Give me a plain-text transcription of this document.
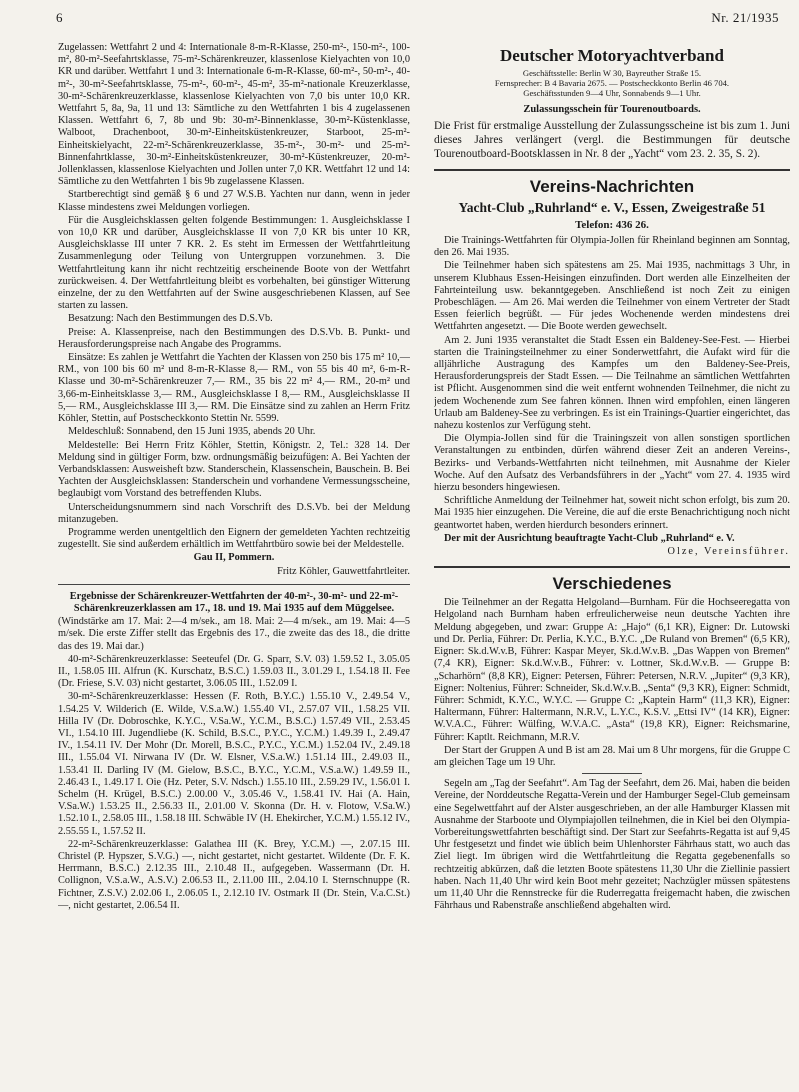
6	Nr. 21/1935

Zugelassen: Wettfahrt 2 und 4: Internationale 8-m-R-Klasse, 250-m²-, 150-m²-, 100-m², 80-m²-Seefahrtsklasse, 75-m²-Schärenkreuzer, klassenlose Kielyachten von 10,0 KR und darüber. Wettfahrt 1 und 3: Internationale 6-m-R-Klasse, 60-m²-, 50-m²-, 40-m²-, 30-m²-Seefahrtsklasse, 75-m²-, 60-m²-, 45-m², 35-m²-nationale Kreuzerklasse, 30-m²-Schärenkreuzerklasse, klassenlose Kielyachten von 7,0 bis unter 10,0 KR. Wettfahrt 5, 8a, 9a, 11 und 13: Sämtliche zu den Wettfahrten 1 bis 4 zugelassenen Klassen. Wettfahrt 6, 7, 8b und 9b: 30-m²-Binnenklasse, 30-m²-Küstenklasse, Walboot, Drachenboot, 30-m²-Einheitsküstenkreuzer, Starboot, 25-m²-Einheitskielyacht, 22-m²-Schärenkreuzerklasse, 35-m²-, 30-m²- und 25-m²-Binnenfahrtklasse, 30-m²-Einheitsküstenkreuzer, 30-m²-Küstenkreuzer, 20-m²-Jollenklassen, klassenlose Kielyachten und Jollen unter 7,0 KR. Wettfahrt 12 und 14: Sämtliche zu den Wettfahrten 1 bis 9b zugelassene Klassen.

Startberechtigt sind gemäß § 6 und 27 W.S.B. Yachten nur dann, wenn in jeder Klasse mindestens zwei Meldungen vorliegen.

Für die Ausgleichsklassen gelten folgende Bestimmungen: 1. Ausgleichsklasse I von 10,0 KR und darüber, Ausgleichsklasse II von 7,0 KR bis unter 10 KR, Ausgleichsklasse III unter 7 KR. 2. Es steht im Ermessen der Wettfahrtleitung Zusammenlegung oder Teilung von Untergruppen vorzunehmen. 3. Die Wettfahrtleitung kann ihr nicht rechtzeitig erscheinende Boote von der Wettfahrt zurückweisen. 4. Der Wettfahrtleitung bleibt es vorbehalten, bei günstiger Witterung einzelne, der zu den Wettfahrten auf der Swine ausgeschriebenen Klassen, auf See starten zu lassen.

Besatzung: Nach den Bestimmungen des D.S.Vb.

Preise: A. Klassenpreise, nach den Bestimmungen des D.S.Vb. B. Punkt- und Herausforderungspreise nach Angabe des Programms.

Einsätze: Es zahlen je Wettfahrt die Yachten der Klassen von 250 bis 175 m² 10,— RM., von 100 bis 60 m² und 8-m-R-Klasse 8,— RM., von 55 bis 40 m², 6-m-R-Klasse und 30-m²-Schärenkreuzer 7,— RM., 35 bis 22 m² 4,— RM., 20-m² und 3,66-m-Einheitsklasse 3,— RM., Ausgleichsklasse I 8,— RM., Ausgleichsklasse II 5,— RM., Ausgleichsklasse III 3,— RM. Die Einsätze sind zu zahlen an Herrn Fritz Köhler, Stettin, auf Postscheckkonto Stettin Nr. 5599.

Meldeschluß: Sonnabend, den 15 Juni 1935, abends 20 Uhr.

Meldestelle: Bei Herrn Fritz Köhler, Stettin, Königstr. 2, Tel.: 328 14. Der Meldung sind in gültiger Form, bzw. ordnungsmäßig beizufügen: A. Bei Yachten der Verbandsklassen: Ausweisheft bzw. Standerschein, Klassenschein, Bauschein. B. Bei Yachten der Ausgleichsklassen: Standerschein und vorhandene Vermessungsscheine, beglaubigt vom Vorstand des betreffenden Klubs.

Unterscheidungsnummern sind nach Vorschrift des D.S.Vb. bei der Meldung mitanzugeben.

Programme werden unentgeltlich den Eignern der gemeldeten Yachten rechtzeitig zugestellt. Sie sind außerdem erhältlich im Wettfahrtbüro sowie bei der Meldestelle.

Gau II, Pommern.

Fritz Köhler, Gauwettfahrtleiter.

Ergebnisse der Schärenkreuzer-Wettfahrten der 40-m²-, 30-m²- und 22-m²-Schärenkreuzerklassen am 17., 18. und 19. Mai 1935 auf dem Müggelsee.

(Windstärke am 17. Mai: 2—4 m/sek., am 18. Mai: 2—4 m/sek., am 19. Mai: 4—5 m/sek. Die erste Ziffer stellt das Ergebnis des 17., die zweite das des 18., die dritte das des 19. Mai dar.)

40-m²-Schärenkreuzerklasse: Seeteufel (Dr. G. Sparr, S.V. 03) 1.59.52 I., 3.05.05 II., 1.58.05 III. Alfrun (K. Kurschatz, B.S.C.) 1.59.03 II., 3.01.29 I., 1.54.18 II. Fee (Dr. Friese, S.V. 03) nicht gestartet, 3.06.05 III., 1.52.09 I.

30-m²-Schärenkreuzerklasse: Hessen (F. Roth, B.Y.C.) 1.55.10 V., 2.49.54 V., 1.54.25 V. Wilderich (E. Wilde, V.S.a.W.) 1.55.40 VI., 2.57.07 VII., 1.58.25 VII. Hilla IV (Dr. Dobroschke, K.Y.C., V.Sa.W., Y.C.M., B.S.C.) 1.57.49 VII., 2.53.45 VI., 1.54.10 III. Jugendliebe (K. Schild, B.S.C., P.Y.C., Y.C.M.) 1.49.39 I., 2.49.47 IV., 1.54.11 IV. Der Mohr (Dr. Morell, B.S.C., P.Y.C., Y.C.M.) 1.52.04 IV., 2.49.18 III., 1.55.04 VI. Nirwana IV (Dr. W. Elsner, V.S.a.W.) 1.51.14 III., 2.49.03 II., 1.53.41 II. Darling IV (M. Gielow, B.S.C., B.Y.C., Y.C.M., V.S.a.W.) 1.49.59 II., 2.46.43 I., 1.49.17 I. Oie (Hz. Peter, S.V. Ndsch.) 1.55.10 III., 2.59.29 IV., 1.56.01 I. Schelm (H. Krügel, B.S.C.) 2.00.00 V., 3.05.46 V., 1.58.41 IV. Hai (A. Hain, V.Sa.W.) 1.53.25 II., 2.56.33 II., 2.01.00 V. Skonna (Dr. H. v. Flotow, V.Sa.W.) 1.52.10 I., 2.58.05 III., 1.58.18 III. Schwäble IV (H. Ehekircher, Y.C.M.) 1.55.12 IV., 2.55.55 I., 1.57.52 II.

22-m²-Schärenkreuzerklasse: Galathea III (K. Brey, Y.C.M.) —, 2.07.15 III. Christel (P. Hypszer, S.V.G.) —, nicht gestartet, nicht gestartet. Wildente (Dr. F. K. Herrmann, B.S.C.) 2.12.35 III., 2.10.48 II., aufgegeben. Wassermann (Dr. H. Collignon, V.S.a.W., A.S.V.) 2.06.53 II., 2.11.00 III., 2.04.10 I. Sternschnuppe (R. Fichtner, Z.S.V.) 2.02.06 I., 2.06.05 I., 2.12.10 IV. Ostmark II (Dr. Stein, V.a.C.St.) —, nicht gestartet, 2.06.54 II.

Deutscher Motoryachtverband
Geschäftsstelle: Berlin W 30, Bayreuther Straße 15.
Fernsprecher: B 4 Bavaria 2675. — Postscheckkonto Berlin 46 704.
Geschäftsstunden 9—4 Uhr, Sonnabends 9—1 Uhr.
Zulassungsschein für Tourenoutboards.

Die Frist für erstmalige Ausstellung der Zulassungsscheine ist bis zum 1. Juni dieses Jahres verlängert (vergl. die Bestimmungen für deutsche Tourenoutboard-Bootsklassen in Nr. 8 der „Yacht“ vom 23. 2. 35, S. 2).

Vereins-Nachrichten
Yacht-Club „Ruhrland“ e. V., Essen, Zweigestraße 51
Telefon: 436 26.

Die Trainings-Wettfahrten für Olympia-Jollen für Rheinland beginnen am Sonntag, den 26. Mai 1935.

Die Teilnehmer haben sich spätestens am 25. Mai 1935, nachmittags 3 Uhr, in unserem Klubhaus Essen-Heisingen einzufinden. Dort werden alle Einzelheiten der Fahrteinteilung usw. bekanntgegeben. Anschließend ist noch Zeit zu einigen Probeschlägen. — Am 26. Mai werden die Teilnehmer von einem Vertreter der Stadt Essen feierlich begrüßt. — Für jedes Wochenende werden mindestens drei Wettfahrten angesetzt. — Die Boote werden gewechselt.

Am 2. Juni 1935 veranstaltet die Stadt Essen ein Baldeney-See-Fest. — Hierbei starten die Trainingsteilnehmer zu einer Sonderwettfahrt, die Aufakt wird für die alljährliche Austragung des Kampfes um den Baldeney-See-Preis, Herausforderungspreis der Stadt Essen. — Die Teilnahme an sämtlichen Wettfahrten ist Pflicht. Ausgenommen sind die weit entfernt wohnenden Teilnehmer, die nicht zu jedem Wochenende zum See fahren können. Ihnen wird empfohlen, einen längeren Urlaub am Baldeney-See zu verbringen. Es ist ein Trainings-Quartier eingerichtet, das nahezu kostenlos zur Verfügung steht.

Die Olympia-Jollen sind für die Trainingszeit von allen sonstigen sportlichen Veranstaltungen zu entbinden, dürfen während dieser Zeit an anderen Vereins-, Bezirks- und Verbands-Wettfahrten nicht teilnehmen, mit Ausnahme der Kieler Woche. Auf den Aufsatz des Verbandsführers in der „Yacht“ vom 27. 4. 1935 wird hierzu besonders hingewiesen.

Schriftliche Anmeldung der Teilnehmer hat, soweit nicht schon erfolgt, bis zum 20. Mai 1935 hier einzugehen. Die Vereine, die auf die erste Benachrichtigung noch nicht geantwortet haben, werden hierdurch besonders erinnert.

Der mit der Ausrichtung beauftragte Yacht-Club „Ruhrland“ e. V.

Olze, Vereinsführer.

Verschiedenes

Die Teilnehmer an der Regatta Helgoland—Burnham. Für die Hochseeregatta von Helgoland nach Burnham haben erfreulicherweise neun deutsche Yachten ihre Meldung abgegeben, und zwar: Gruppe A: „Hajo“ (6,1 KR), Eigner: Dr. Lutowski und Dr. Perlia, Führer: Dr. Perlia, K.Y.C., B.Y.C. „De Ruland von Bremen“ (6,5 KR), Eigner: Sk.d.W.v.B, Führer: Kaspar Meyer, Sk.d.W.v.B. „Das Wappen von Bremen“ (7,4 KR), Eigner: Sk.d.W.v.B., Führer: v. Lottner, Sk.d.W.v.B. — Gruppe B: „Scharhörn“ (8,8 KR), Eigner: Petersen, Führer: Petersen, N.R.V. „Jupiter“ (9,3 KR), Eigner: Noltenius, Führer: Schneider, Sk.d.W.v.B. „Senta“ (9,3 KR), Eigner: Schmidt, Führer: Schmidt, K.Y.C., W.Y.C. — Gruppe C: „Kaptein Harm“ (11,3 KR), Eigner: Haltermann, Führer: Haltermann, N.R.V., L.Y.C., K.S.V. „Ettsi IV“ (14 KR), Eigner: W.V.A.C., Führer: Wülfing, W.V.A.C. „Asta“ (19,8 KR), Eigner: Reichsmarine, Führer: Kaptlt. Reichmann, M.R.V.

Der Start der Gruppen A und B ist am 28. Mai um 8 Uhr morgens, für die Gruppe C am gleichen Tage um 19 Uhr.

Segeln am „Tag der Seefahrt“. Am Tag der Seefahrt, dem 26. Mai, haben die beiden Vereine, der Norddeutsche Regatta-Verein und der Hamburger Segel-Club gemeinsam eine Segelwettfahrt auf der Alster ausgeschrieben, an der alle Hamburger Klassen mit Ausnahme der Starboote und Olympiajollen teilnehmen, die in Kiel bei den Olympia-Vorbereitungswettfahrten beschäftigt sind. Der Start zur Seefahrts-Regatta ist auf 9,45 Uhr festgesetzt und findet wie üblich beim Uhlenhorster Fährhaus statt, wo auch das Ziel liegt. Im übrigen wird die Wettfahrtleitung die Regatta gegebenenfalls so rechtzeitig abkürzen, daß die letzten Boote spätestens 11,30 Uhr die Ziellinie passiert haben. Nach 11,40 Uhr wird kein Boot mehr gezeitet; Nachzügler müssen spätestens um 11,40 Uhr die Rennstrecke für die Ruderregatta freigemacht haben, die zwischen Fährhaus und Rabenstraße anschließend abgehalten wird.
